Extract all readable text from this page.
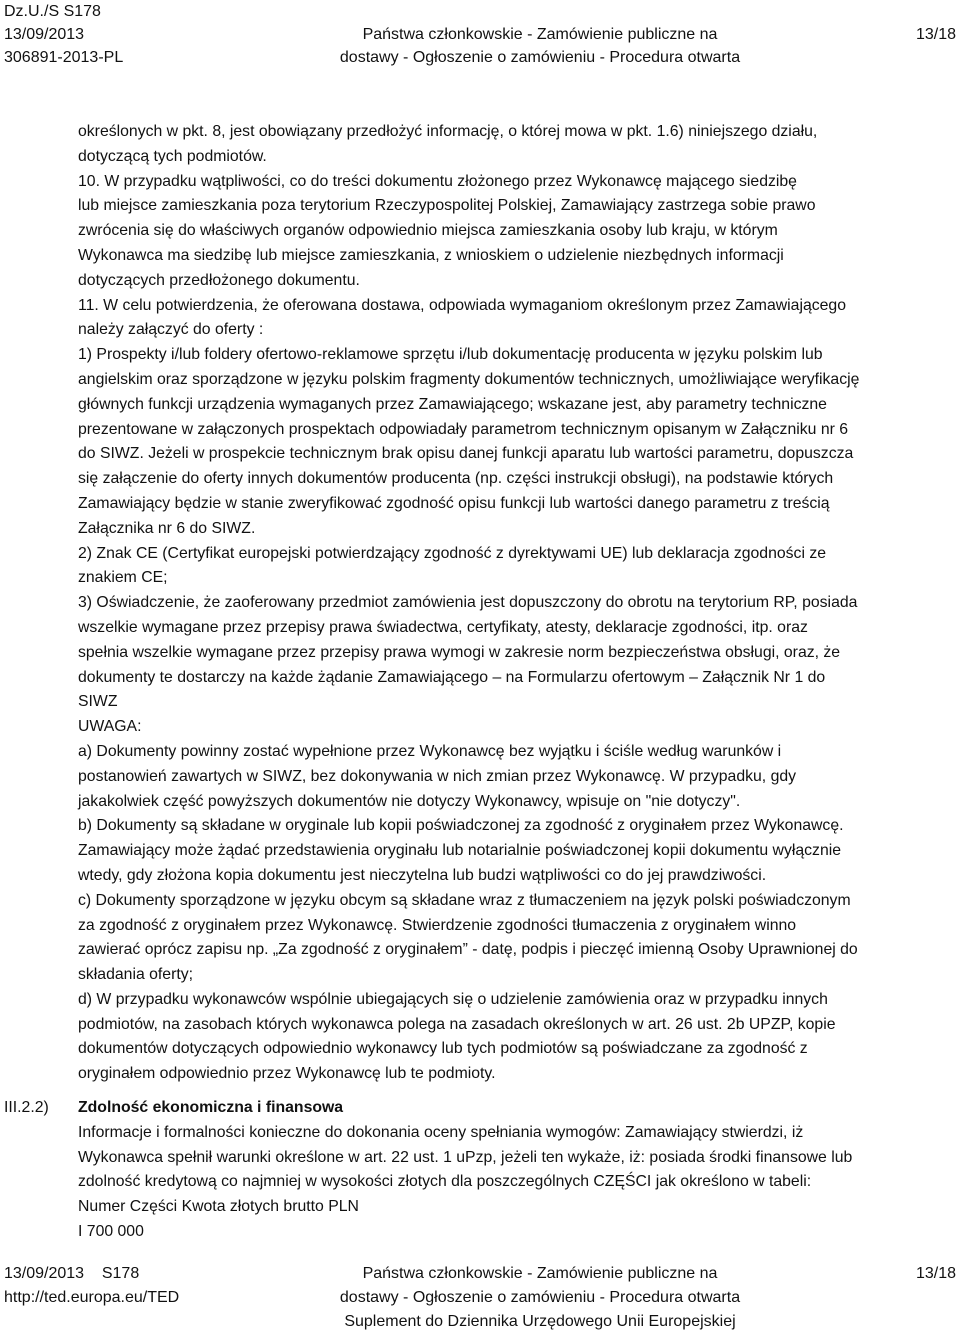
Dz.U./S S178
13/09/2013
306891-2013-PL
Państwa członkowskie - Zamówienie publiczne na
dostawy - Ogłoszenie o zamówieniu - Procedura otwarta
13/18

określonych w pkt. 8, jest obowiązany przedłożyć informację, o której mowa w pkt. 1.6) niniejszego działu,

dotyczącą tych podmiotów.

10. W przypadku wątpliwości, co do treści dokumentu złożonego przez Wykonawcę mającego siedzibę

lub miejsce zamieszkania poza terytorium Rzeczypospolitej Polskiej, Zamawiający zastrzega sobie prawo

zwrócenia się do właściwych organów odpowiednio miejsca zamieszkania osoby lub kraju, w którym

Wykonawca ma siedzibę lub miejsce zamieszkania, z wnioskiem o udzielenie niezbędnych informacji

dotyczących przedłożonego dokumentu.

11. W celu potwierdzenia, że oferowana dostawa, odpowiada wymaganiom określonym przez Zamawiającego

należy załączyć do oferty :

1) Prospekty i/lub foldery ofertowo-reklamowe sprzętu i/lub dokumentację producenta w języku polskim lub

angielskim oraz sporządzone w języku polskim fragmenty dokumentów technicznych, umożliwiające weryfikację

głównych funkcji urządzenia wymaganych przez Zamawiającego; wskazane jest, aby parametry techniczne

prezentowane w załączonych prospektach odpowiadały parametrom technicznym opisanym w Załączniku nr 6

do SIWZ. Jeżeli w prospekcie technicznym brak opisu danej funkcji aparatu lub wartości parametru, dopuszcza

się załączenie do oferty innych dokumentów producenta (np. części instrukcji obsługi), na podstawie których

Zamawiający będzie w stanie zweryfikować zgodność opisu funkcji lub wartości danego parametru z treścią

Załącznika nr 6 do SIWZ.

2) Znak CE (Certyfikat europejski potwierdzający zgodność z dyrektywami UE) lub deklaracja zgodności ze

znakiem CE;

3) Oświadczenie, że zaoferowany przedmiot zamówienia jest dopuszczony do obrotu na terytorium RP, posiada

wszelkie wymagane przez przepisy prawa świadectwa, certyfikaty, atesty, deklaracje zgodności, itp. oraz

spełnia wszelkie wymagane przez przepisy prawa wymogi w zakresie norm bezpieczeństwa obsługi, oraz, że

dokumenty te dostarczy na każde żądanie Zamawiającego – na Formularzu ofertowym – Załącznik Nr 1 do

SIWZ

UWAGA:

a) Dokumenty powinny zostać wypełnione przez Wykonawcę bez wyjątku i ściśle według warunków i

postanowień zawartych w SIWZ, bez dokonywania w nich zmian przez Wykonawcę. W przypadku, gdy

jakakolwiek część powyższych dokumentów nie dotyczy Wykonawcy, wpisuje on "nie dotyczy".

b) Dokumenty są składane w oryginale lub kopii poświadczonej za zgodność z oryginałem przez Wykonawcę.

Zamawiający może żądać przedstawienia oryginału lub notarialnie poświadczonej kopii dokumentu wyłącznie

wtedy, gdy złożona kopia dokumentu jest nieczytelna lub budzi wątpliwości co do jej prawdziwości.

c) Dokumenty sporządzone w języku obcym są składane wraz z tłumaczeniem na język polski poświadczonym

za zgodność z oryginałem przez Wykonawcę. Stwierdzenie zgodności tłumaczenia z oryginałem winno

zawierać oprócz zapisu np. „Za zgodność z oryginałem” - datę, podpis i pieczęć imienną Osoby Uprawnionej do

składania oferty;

d) W przypadku wykonawców wspólnie ubiegających się o udzielenie zamówienia oraz w przypadku innych

podmiotów, na zasobach których wykonawca polega na zasadach określonych w art. 26 ust. 2b UPZP, kopie

dokumentów dotyczących odpowiednio wykonawcy lub tych podmiotów są poświadczane za zgodność z

oryginałem odpowiednio przez Wykonawcę lub te podmioty.

III.2.2) Zdolność ekonomiczna i finansowa

Informacje i formalności konieczne do dokonania oceny spełniania wymogów: Zamawiający stwierdzi, iż

Wykonawca spełnił warunki określone w art. 22 ust. 1 uPzp, jeżeli ten wykaże, iż: posiada środki finansowe lub

zdolność kredytową co najmniej w wysokości złotych dla poszczególnych CZĘŚCI jak określono w tabeli:

Numer Części Kwota złotych brutto PLN

I 700 000

13/09/2013 S178
http://ted.europa.eu/TED
Państwa członkowskie - Zamówienie publiczne na
dostawy - Ogłoszenie o zamówieniu - Procedura otwarta
Suplement do Dziennika Urzędowego Unii Europejskiej
13/18
